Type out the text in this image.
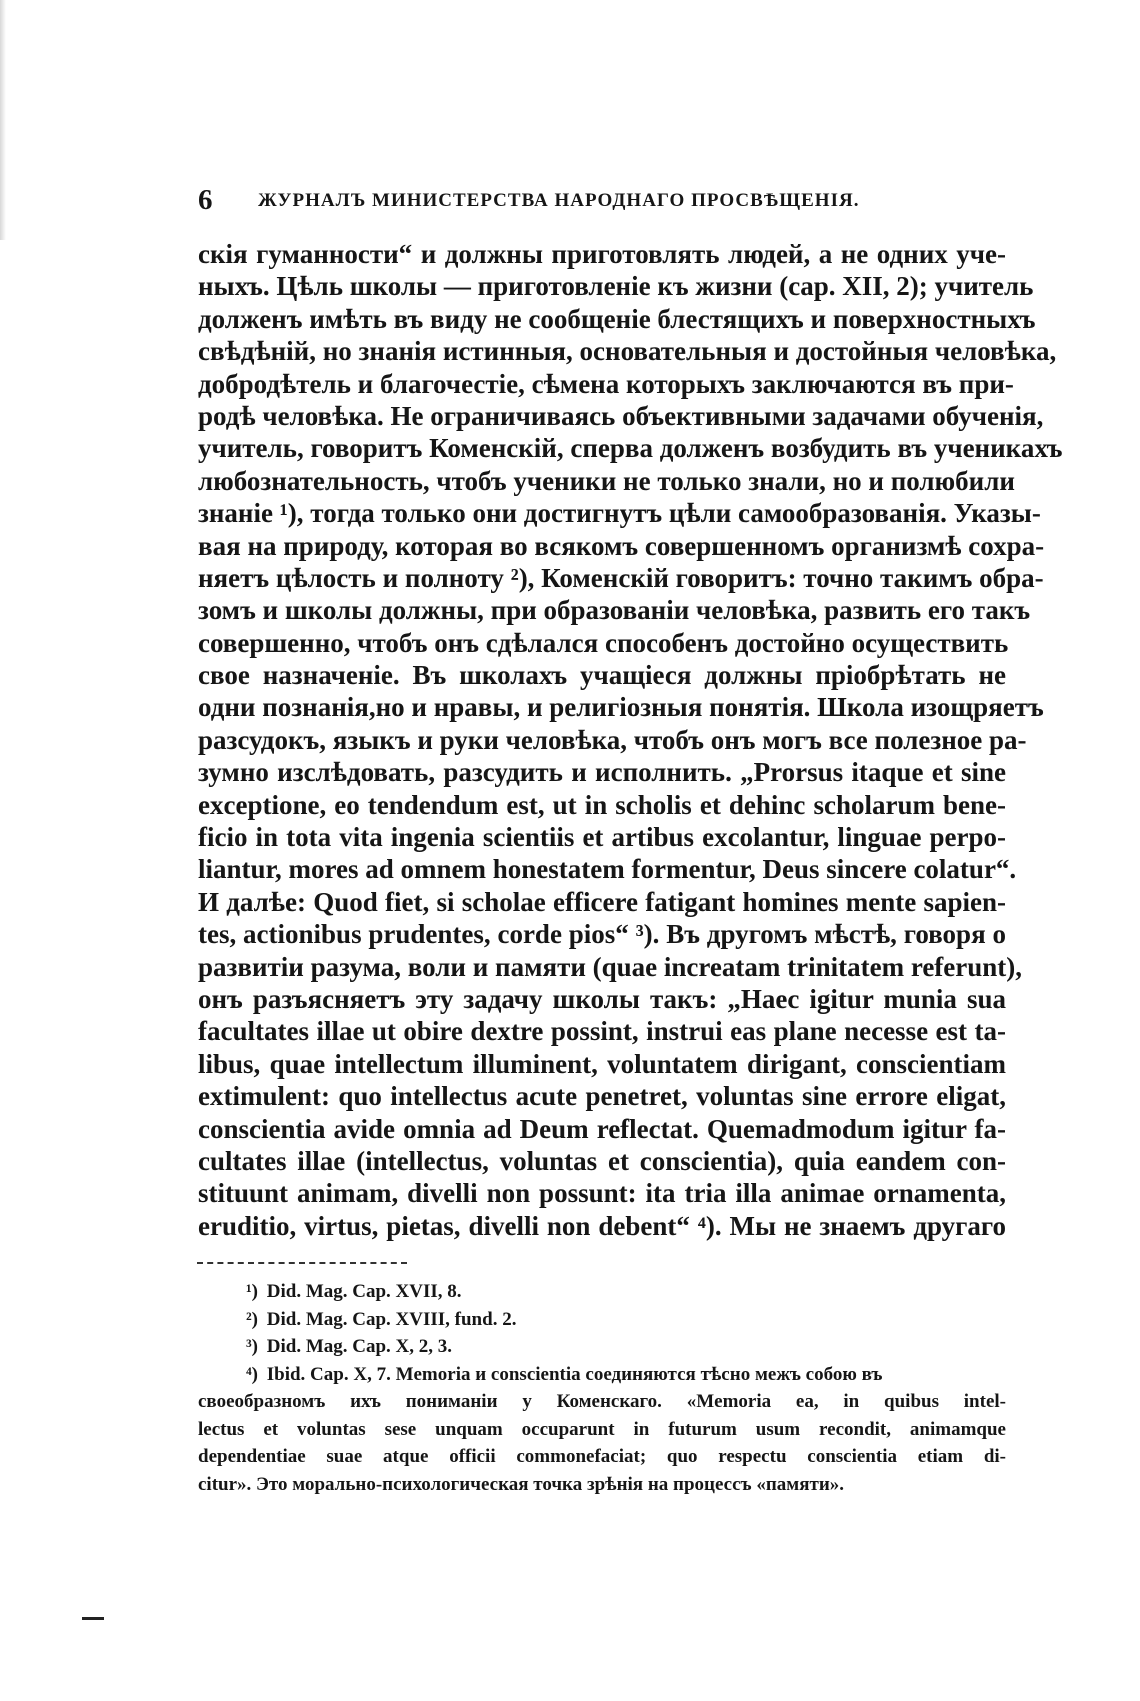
6 ЖУРНАЛЪ МИНИСТЕРСТВА НАРОДНАГО ПРОСВѢЩЕНІЯ.
скія гуманности“ и должны приготовлять людей, а не одних уче-
ныхъ. Цѣль школы — приготовленіе къ жизни (cap. XII, 2); учитель
долженъ имѣть въ виду не сообщеніе блестящихъ и поверхностныхъ
свѣдѣній, но знанія истинныя, основательныя и достойныя человѣка,
добродѣтель и благочестіе, сѣмена которыхъ заключаются въ при-
родѣ человѣка. Не ограничиваясь объективными задачами обученія,
учитель, говоритъ Коменскій, сперва долженъ возбудить въ ученикахъ
любознательность, чтобъ ученики не только знали, но и полюбили
знаніе ¹), тогда только они достигнутъ цѣли самообразованія. Указы-
вая на природу, которая во всякомъ совершенномъ организмѣ сохра-
няетъ цѣлость и полноту ²), Коменскій говоритъ: точно такимъ обра-
зомъ и школы должны, при образованіи человѣка, развить его такъ
совершенно, чтобъ онъ сдѣлался способенъ достойно осуществить
свое назначеніе. Въ школахъ учащіеся должны пріобрѣтать не
одни познанія,но и нравы, и религіозныя понятія. Школа изощряетъ
разсудокъ, языкъ и руки человѣка, чтобъ онъ могъ все полезное ра-
зумно изслѣдовать, разсудить и исполнить. „Prorsus itaque et sine
exceptione, eo tendendum est, ut in scholis et dehinc scholarum bene-
ficio in tota vita ingenia scientiis et artibus excolantur, linguae perpo-
liantur, mores ad omnem honestatem formentur, Deus sincere colatur“.
И далѣе: Quod fiet, si scholae efficere fatigant homines mente sapien-
tes, actionibus prudentes, corde pios“ ³). Въ другомъ мѣстѣ, говоря о
развитіи разума, воли и памяти (quae increatam trinitatem referunt),
онъ разъясняетъ эту задачу школы такъ: „Haec igitur munia sua
facultates illae ut obire dextre possint, instrui eas plane necesse est ta-
libus, quae intellectum illuminent, voluntatem dirigant, conscientiam
extimulent: quo intellectus acute penetret, voluntas sine errore eligat,
conscientia avide omnia ad Deum reflectat. Quemadmodum igitur fa-
cultates illae (intellectus, voluntas et conscientia), quia eandem con-
stituunt animam, divelli non possunt: ita tria illa animae ornamenta,
eruditio, virtus, pietas, divelli non debent“ ⁴). Мы не знаемъ другаго
¹) Did. Mag. Cap. XVII, 8.
²) Did. Mag. Cap. XVIII, fund. 2.
³) Did. Mag. Cap. X, 2, 3.
⁴) Ibid. Cap. X, 7. Memoria и conscientia соединяются тѣсно межъ собою въ
своеобразномъ ихъ пониманіи у Коменскаго. «Memoria ea, in quibus intel-
lectus et voluntas sese unquam occuparunt in futurum usum recondit, animamque
dependentiae suae atque officii commonefaciat; quo respectu conscientia etiam di-
citur». Это морально-психологическая точка зрѣнія на процессъ «памяти».
